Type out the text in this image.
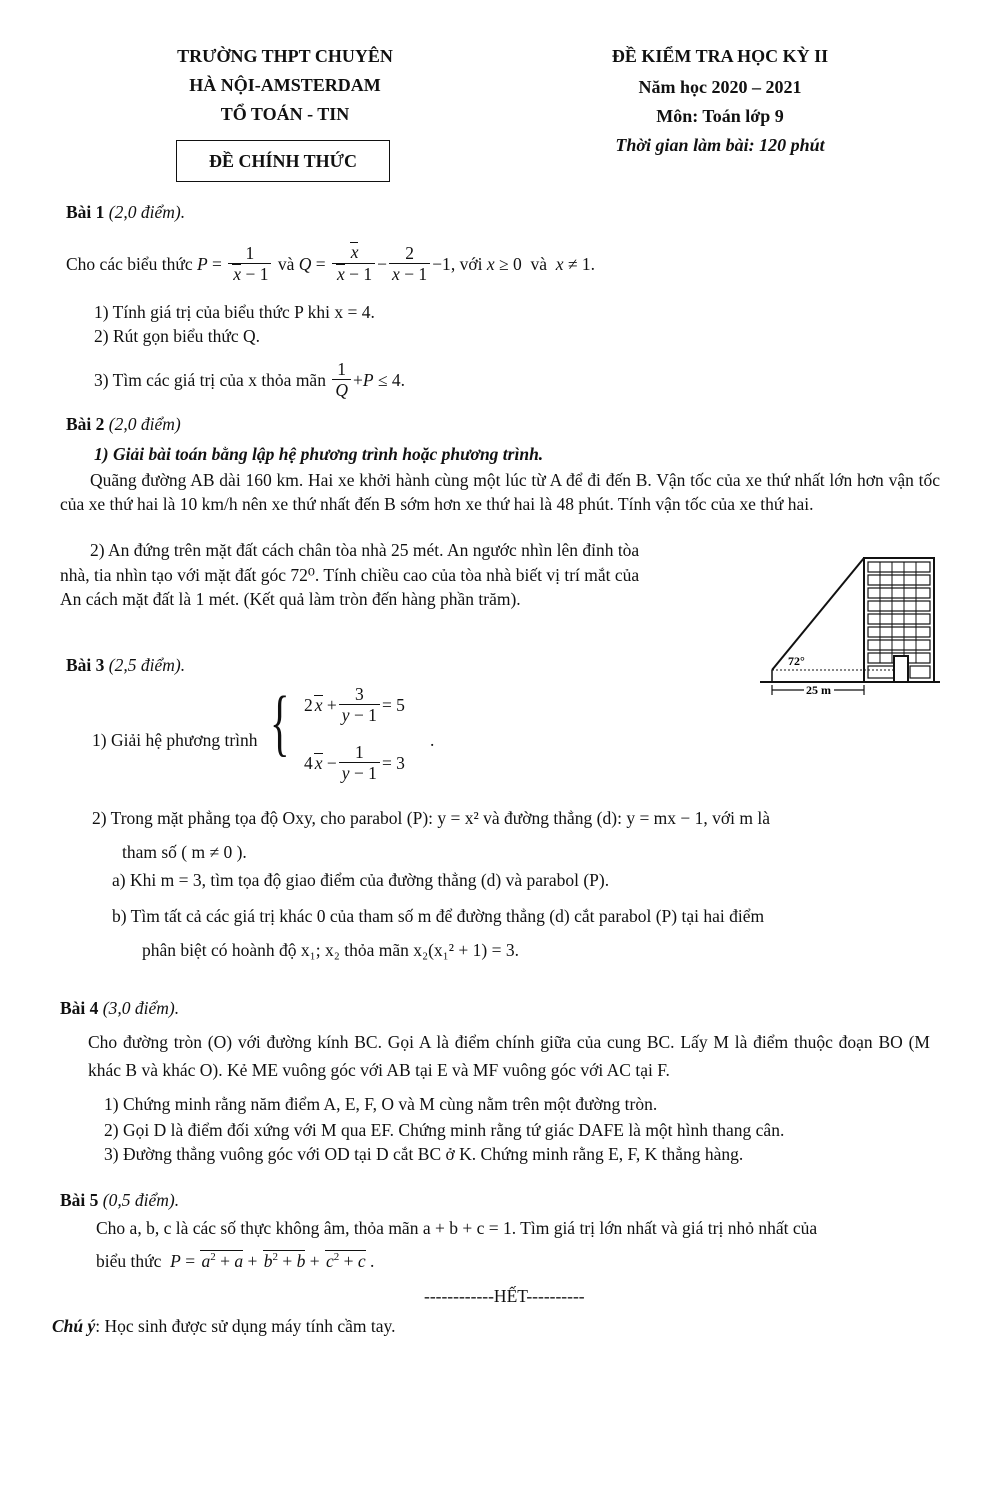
TRƯỜNG THPT CHUYÊN
HÀ NỘI-AMSTERDAM
TỔ TOÁN - TIN
ĐỀ CHÍNH THỨC
ĐỀ KIỂM TRA HỌC KỲ II
Năm học 2020 – 2021
Môn: Toán lớp 9
Thời gian làm bài: 120 phút
Bài 1 (2,0 điểm).
Cho các biểu thức
$P = \frac{1}{x - 1}$
và
$Q = \frac{x}{x - 1} - \frac{2}{x - 1} -1$ , với
x ≥ 0  và x ≠ 1.
1) Tính giá trị của biểu thức P khi x = 4.
2) Rút gọn biểu thức Q.
3) Tìm các giá trị của x thỏa mãn
$\frac{1}{Q} + P \le 4$.
Bài 2 (2,0 điểm)
1) Giải bài toán bằng lập hệ phương trình hoặc phương trình.
Quãng đường AB dài 160 km. Hai xe khởi hành cùng một lúc từ A để đi đến B. Vận tốc của xe thứ nhất lớn hơn vận tốc của xe thứ hai là 10 km/h nên xe thứ nhất đến B sớm hơn xe thứ hai là 48 phút. Tính vận tốc của xe thứ hai.
2) An đứng trên mặt đất cách chân tòa nhà 25 mét. An ngước nhìn lên đỉnh tòa
nhà, tia nhìn tạo với mặt đất góc 72⁰. Tính chiều cao của tòa nhà biết vị trí mắt của
An cách mặt đất là 1 mét. (Kết quả làm tròn đến hàng phần trăm).
72°
25 m
Bài 3 (2,5 điểm).
1) Giải hệ phương trình { 2 $x + \frac{3}{y - 1} = 5$
4 $x - \frac{1}{y - 1} = 3$
.
2) Trong mặt phẳng tọa độ Oxy, cho parabol (P): y = x² và đường thẳng (d): y = mx − 1, với m là
tham số ( m ≠ 0 ).
a) Khi m = 3, tìm tọa độ giao điểm của đường thẳng (d) và parabol (P).
b) Tìm tất cả các giá trị khác 0 của tham số m để đường thẳng (d) cắt parabol (P) tại hai điểm
phân biệt có hoành độ x₁; x₂ thỏa mãn x₂(x₁² + 1) = 3.
Bài 4 (3,0 điểm).
Cho đường tròn (O) với đường kính BC. Gọi A là điểm chính giữa của cung BC. Lấy M là điểm thuộc đoạn BO (M khác B và khác O). Kẻ ME vuông góc với AB tại E và MF vuông góc với AC tại F.
1) Chứng minh rằng năm điểm A, E, F, O và M cùng nằm trên một đường tròn.
2) Gọi D là điểm đối xứng với M qua EF. Chứng minh rằng tứ giác DAFE là một hình thang cân.
3) Đường thẳng vuông góc với OD tại D cắt BC ở K. Chứng minh rằng E, F, K thẳng hàng.
Bài 5 (0,5 điểm).
Cho a, b, c là các số thực không âm, thỏa mãn a + b + c = 1. Tìm giá trị lớn nhất và giá trị nhỏ nhất của
biểu thức $P = a^2 + a + b^2 + b + c^2 + c$ .
------------HẾT----------
Chú ý: Học sinh được sử dụng máy tính cầm tay.
